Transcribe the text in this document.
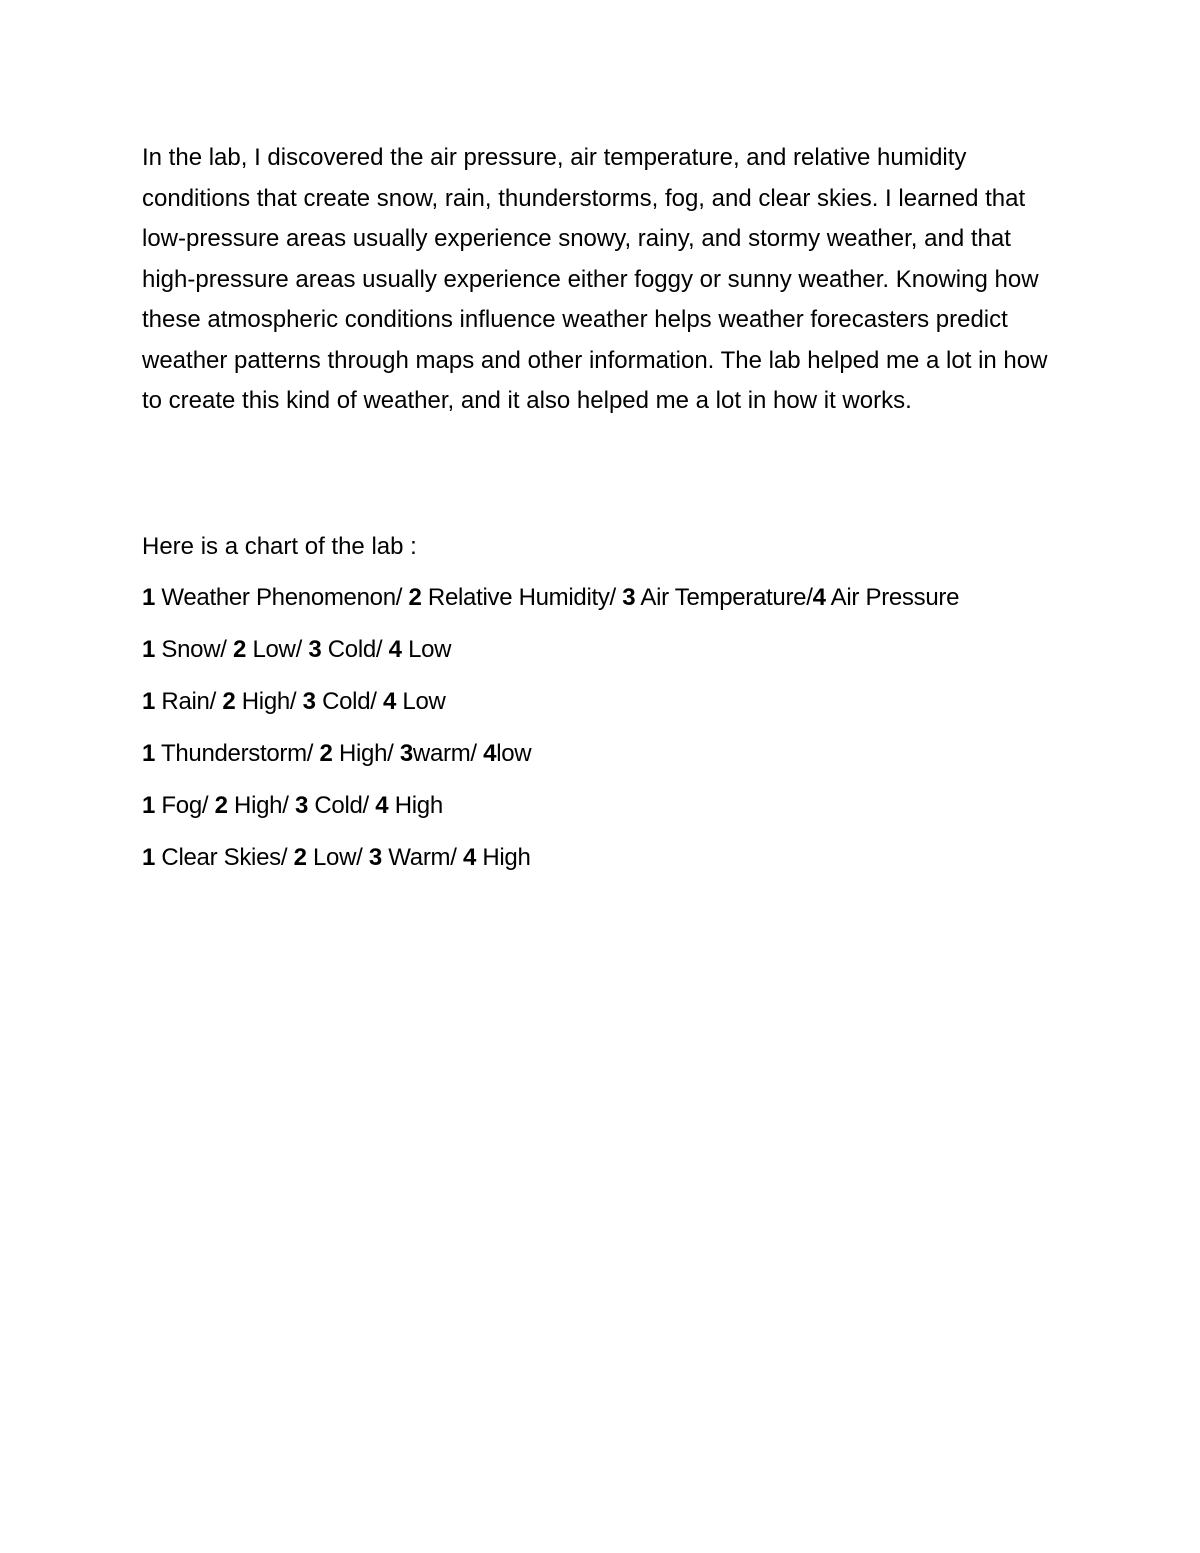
In the lab, I discovered the air pressure, air temperature, and relative humidity conditions that create snow, rain, thunderstorms, fog, and clear skies. I learned that low-pressure areas usually experience snowy, rainy, and stormy weather, and that high-pressure areas usually experience either foggy or sunny weather. Knowing how these atmospheric conditions influence weather helps weather forecasters predict weather patterns through maps and other information. The lab helped me a lot in how to create this kind of weather, and it also helped me a lot in how it works.

Here is a chart of the lab :

1 Weather Phenomenon/ 2 Relative Humidity/ 3 Air Temperature/4 Air Pressure
1 Snow/ 2 Low/ 3 Cold/ 4 Low
1 Rain/ 2 High/ 3 Cold/ 4 Low
1 Thunderstorm/ 2 High/ 3warm/ 4low
1 Fog/ 2 High/ 3 Cold/ 4 High
1 Clear Skies/ 2 Low/ 3 Warm/ 4 High
